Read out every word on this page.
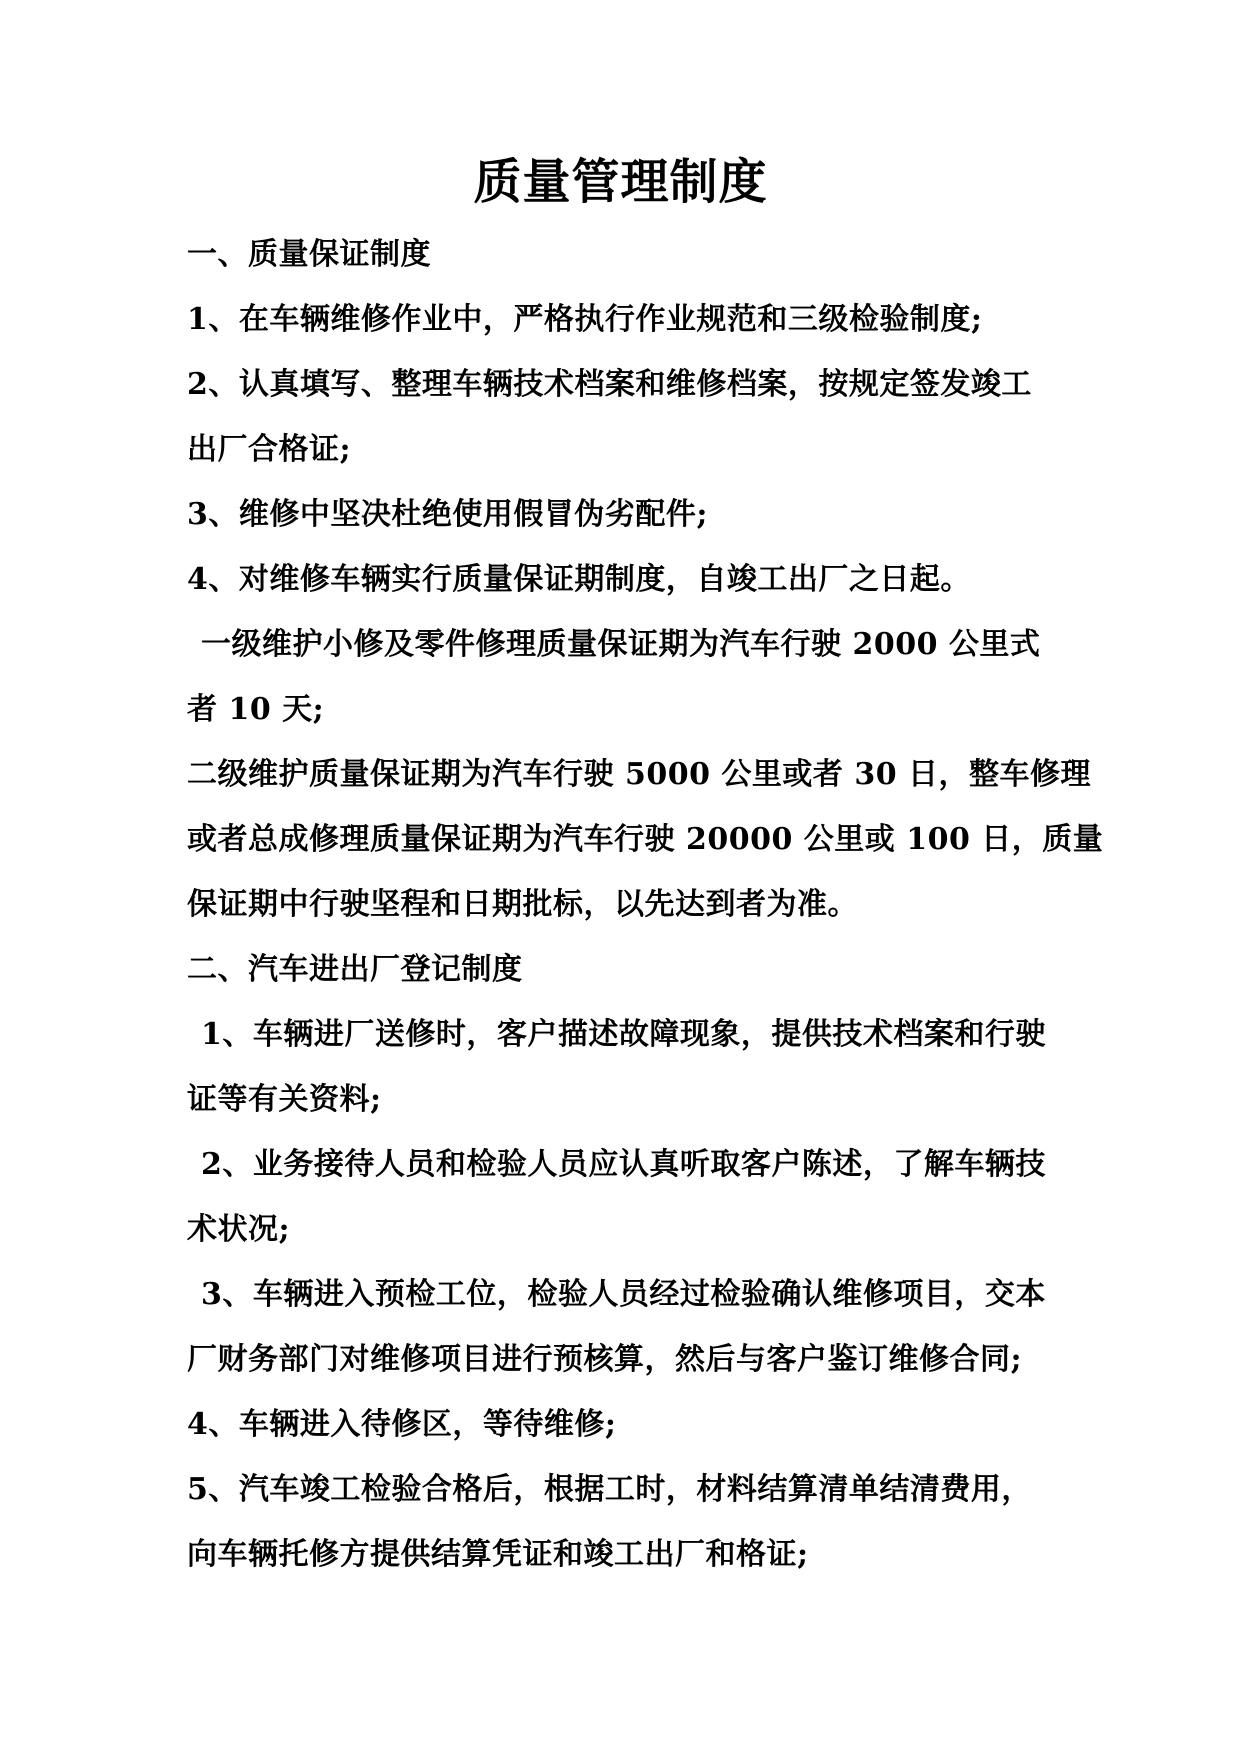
质量管理制度
一、质量保证制度
1、在车辆维修作业中，严格执行作业规范和三级检验制度;
2、认真填写、整理车辆技术档案和维修档案，按规定签发竣工
出厂合格证;
3、维修中坚决杜绝使用假冒伪劣配件;
4、对维修车辆实行质量保证期制度，自竣工出厂之日起。
一级维护小修及零件修理质量保证期为汽车行驶 2000 公里式
者 10 天;
二级维护质量保证期为汽车行驶 5000 公里或者 30 日，整车修理
或者总成修理质量保证期为汽车行驶 20000 公里或 100 日，质量
保证期中行驶坚程和日期批标，以先达到者为准。
二、汽车进出厂登记制度
1、车辆进厂送修时，客户描述故障现象，提供技术档案和行驶
证等有关资料;
2、业务接待人员和检验人员应认真听取客户陈述，了解车辆技
术状况;
3、车辆进入预检工位，检验人员经过检验确认维修项目，交本
厂财务部门对维修项目进行预核算，然后与客户鉴订维修合同;
4、车辆进入待修区，等待维修;
5、汽车竣工检验合格后，根据工时，材料结算清单结清费用，
向车辆托修方提供结算凭证和竣工出厂和格证;
